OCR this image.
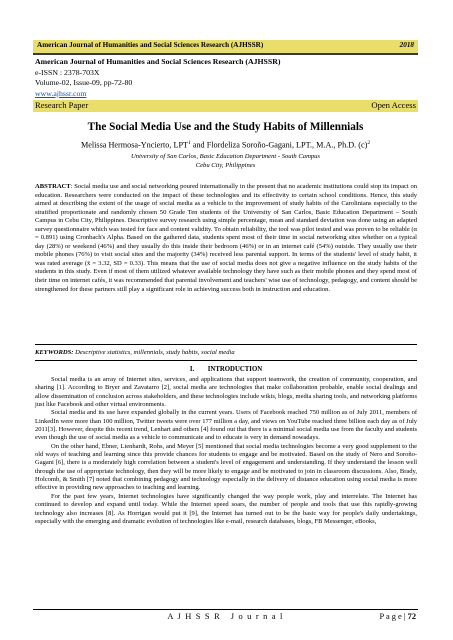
American Journal of Humanities and Social Sciences Research (AJHSSR)	2018
American Journal of Humanities and Social Sciences Research (AJHSSR)
e-ISSN : 2378-703X
Volume-02, Issue-09, pp-72-80
www.ajhssr.com
Research Paper	Open Access
The Social Media Use and the Study Habits of Millennials
Melissa Hermosa-Yncierto, LPT$^1$ and Flordeliza Soroño-Gagani, LPT., M.A., Ph.D. $(c)^2$
University of San Carlos, Basic Education Department - South Campus
Cebu City, Philippines
ABSTRACT: Social media use and social networking poured internationally in the present that no academic institutions could stop its impact on education. Researchers were conducted on the impact of these technologies and its effectivity to certain school conditions. Hence, this study aimed at describing the extent of the usage of social media as a vehicle to the improvement of study habits of the Carolinians especially to the stratified proportionate and randomly chosen 50 Grade Ten students of the University of San Carlos, Basic Education Department – South Campus in Cebu City, Philippines. Descriptive survey research using simple percentage, mean and standard deviation was done using an adapted survey questionnaire which was tested for face and content validity. To obtain reliability, the tool was pilot tested and was proven to be reliable (α = 0.891) using Cronbach's Alpha. Based on the gathered data, students spent most of their time in social networking sites whether on a typical day (28%) or weekend (46%) and they usually do this inside their bedroom (46%) or in an internet café (54%) outside. They usually use their mobile phones (76%) to visit social sites and the majority (34%) received less parental support. In terms of the students' level of study habit, it was rated average (x̄ = 3.32, SD = 0.33). This means that the use of social media does not give a negative influence on the study habits of the students in this study. Even if most of them utilized whatever available technology they have such as their mobile phones and they spend most of their time on internet cafés, it was recommended that parental involvement and teachers' wise use of technology, pedagogy, and content should be strengthened for these partners still play a significant role in achieving success both in instruction and education.
KEYWORDS: Descriptive statistics, millennials, study habits, social media
I.        INTRODUCTION

Social media is an array of Internet sites, services, and applications that support teamwork, the creation of community, cooperation, and sharing [1]. According to Bryer and Zavatarro [2], social media are technologies that make collaboration probable, enable social dealings and allow dissemination of conclusion across stakeholders, and these technologies include wikis, blogs, media sharing tools, and networking platforms just like Facebook and other virtual environments.

Social media and its use have expanded globally in the current years. Users of Facebook reached 750 million as of July 2011, members of LinkedIn were more than 100 million, Twitter tweets were over 177 million a day, and views on YouTube reached three billion each day as of July 2011[3]. However, despite this recent trend, Lenhart and others [4] found out that there is a minimal social media use from the faculty and students even though the use of social media as a vehicle to communicate and to educate is very in demand nowadays.

On the other hand, Ebner, Lienhardt, Rohs, and Meyer [5] mentioned that social media technologies become a very good supplement to the old ways of teaching and learning since this provide chances for students to engage and be motivated. Based on the study of Nero and Soroño-Gagani [6], there is a moderately high correlation between a student's level of engagement and understanding. If they understand the lesson well through the use of appropriate technology, then they will be more likely to engage and be motivated to join in classroom discussions. Also, Brady, Holcomb, & Smith [7] noted that combining pedagogy and technology especially in the delivery of distance education using social media is more effective in providing new approaches to teaching and learning.

For the past few years, Internet technologies have significantly changed the way people work, play and interrelate. The Internet has continued to develop and expand until today. While the Internet speed soars, the number of people and tools that use this rapidly-growing technology also increases [8]. As Horrigan would put it [9], the Internet has turned out to be the basic way for people's daily undertakings, especially with the emerging and dramatic evolution of technologies like e-mail, research databases, blogs, FB Messenger, eBooks,

A J H S S R   J o u r n a l	P a g e | 72
